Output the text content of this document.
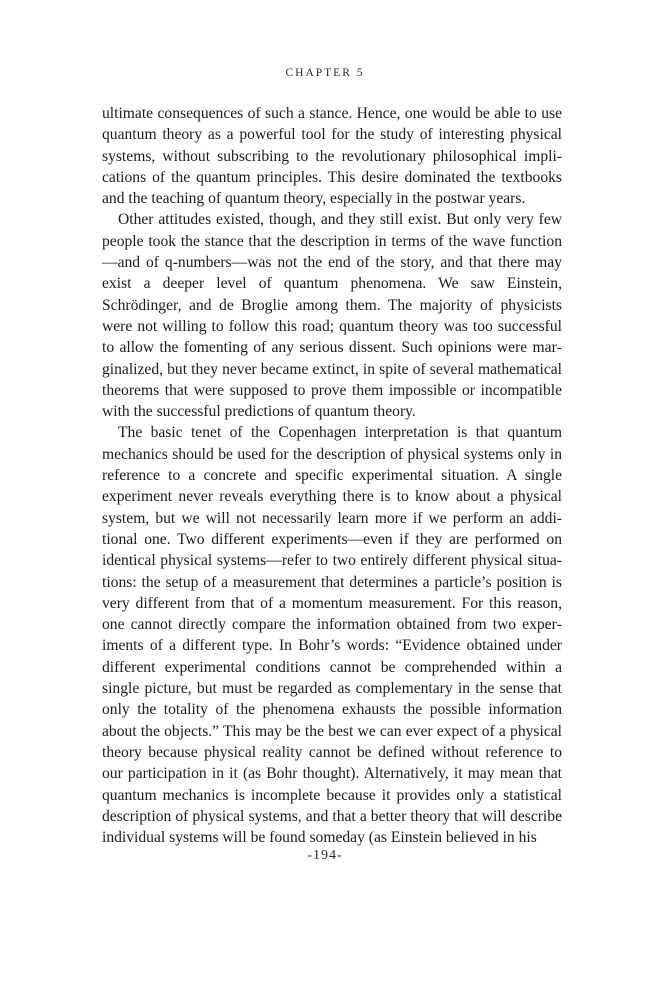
CHAPTER 5

ultimate consequences of such a stance. Hence, one would be able to use quantum theory as a powerful tool for the study of interesting physical systems, without subscribing to the revolutionary philosophical implications of the quantum principles. This desire dominated the textbooks and the teaching of quantum theory, especially in the postwar years.

Other attitudes existed, though, and they still exist. But only very few people took the stance that the description in terms of the wave function—and of q-numbers—was not the end of the story, and that there may exist a deeper level of quantum phenomena. We saw Einstein, Schrödinger, and de Broglie among them. The majority of physicists were not willing to follow this road; quantum theory was too successful to allow the fomenting of any serious dissent. Such opinions were marginalized, but they never became extinct, in spite of several mathematical theorems that were supposed to prove them impossible or incompatible with the successful predictions of quantum theory.

The basic tenet of the Copenhagen interpretation is that quantum mechanics should be used for the description of physical systems only in reference to a concrete and specific experimental situation. A single experiment never reveals everything there is to know about a physical system, but we will not necessarily learn more if we perform an additional one. Two different experiments—even if they are performed on identical physical systems—refer to two entirely different physical situations: the setup of a measurement that determines a particle’s position is very different from that of a momentum measurement. For this reason, one cannot directly compare the information obtained from two experiments of a different type. In Bohr’s words: “Evidence obtained under different experimental conditions cannot be comprehended within a single picture, but must be regarded as complementary in the sense that only the totality of the phenomena exhausts the possible information about the objects.” This may be the best we can ever expect of a physical theory because physical reality cannot be defined without reference to our participation in it (as Bohr thought). Alternatively, it may mean that quantum mechanics is incomplete because it provides only a statistical description of physical systems, and that a better theory that will describe individual systems will be found someday (as Einstein believed in his

-194-
